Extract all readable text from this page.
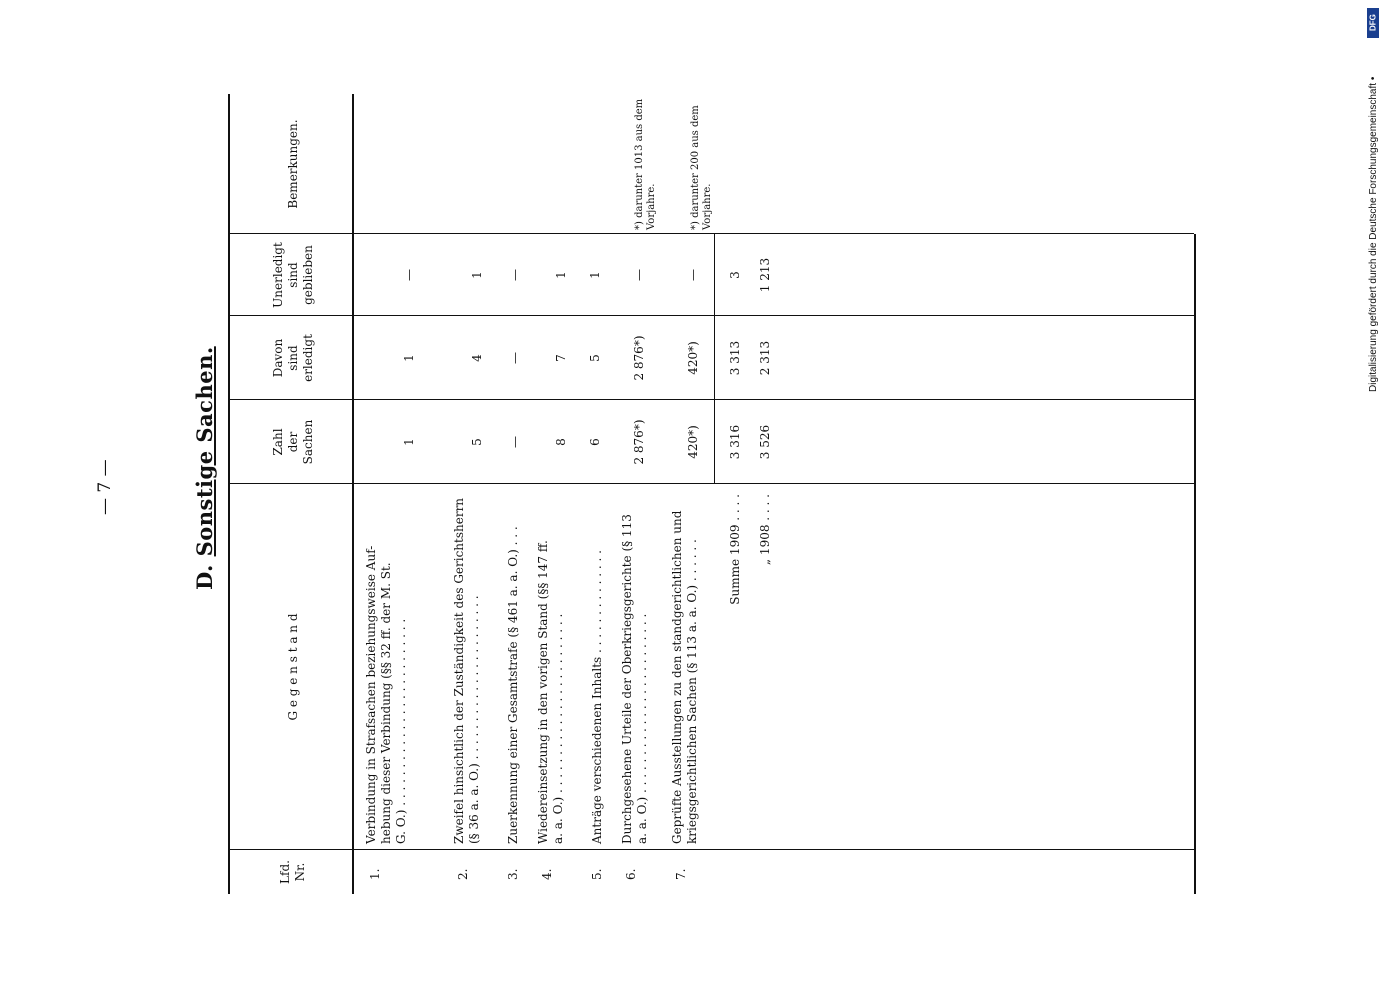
— 7 —
D. Sonstige Sachen.
DFG
Digitalisierung gefördert durch die Deutsche Forschungsgemeinschaft •
Lfd.
Nr.
G e g e n s t a n d
Zahl
der
Sachen
Davon
sind
erledigt
Unerledigt
sind
geblieben
Bemerkungen.
1.
Verbindung in Strafsachen beziehungsweise Auf-
hebung dieser Verbindung (§§ 32 ff. der M. St.
G. O.) . . . . . . . . . . . . . . . . . . . . . . . . .
1
1
—
2.
Zweifel hinsichtlich der Zuständigkeit des Gerichtsherrn
(§ 36 a. a. O.) . . . . . . . . . . . . . . . . . . . . . .
5
4
1
3.
Zuerkennung einer Gesamtstrafe (§ 461 a. a. O.) . . .
—
—
—
4.
Wiedereinsetzung in den vorigen Stand (§§ 147 ff.
a. a. O.) . . . . . . . . . . . . . . . . . . . . . . . .
8
7
1
5.
Anträge verschiedenen Inhalts . . . . . . . . . . . . . .
6
5
1
6.
Durchgesehene Urteile der Oberkriegsgerichte (§ 113
a. a. O.) . . . . . . . . . . . . . . . . . . . . . . . .
2 876*)
2 876*)
—
*) darunter 1013 aus dem
Vorjahre.
7.
Geprüfte Ausstellungen zu den standgerichtlichen und
kriegsgerichtlichen Sachen (§ 113 a. a. O.) . . . . . .
420*)
420*)
—
*) darunter 200 aus dem
Vorjahre.
Summe 1909 . . . .
3 316
3 313
3
„ 1908 . . . .
3 526
2 313
1 213
